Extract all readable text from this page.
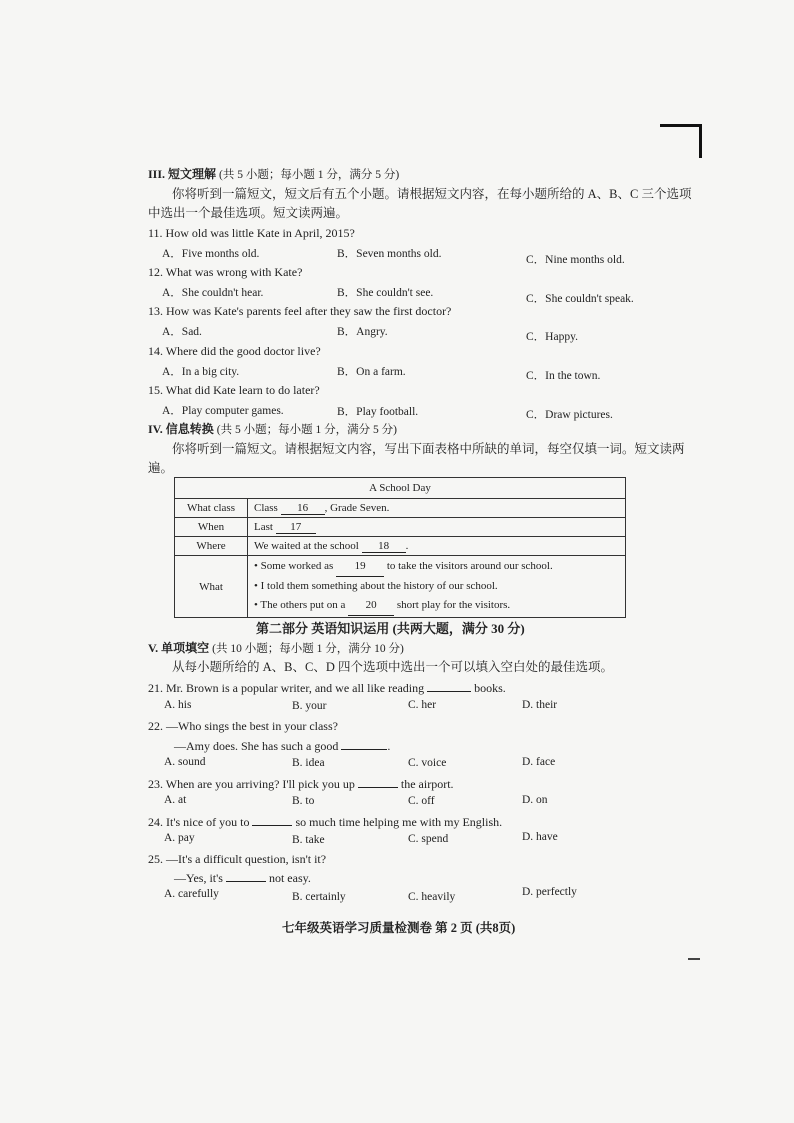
III. 短文理解 (共 5 小题；每小题 1 分，满分 5 分)
你将听到一篇短文，短文后有五个小题。请根据短文内容，在每小题所给的 A、B、C 三个选项
中选出一个最佳选项。短文读两遍。
11. How old was little Kate in April, 2015?
A．Five months old.	B．Seven months old.	C．Nine months old.
12. What was wrong with Kate?
A．She couldn't hear.	B．She couldn't see.	C．She couldn't speak.
13. How was Kate's parents feel after they saw the first doctor?
A．Sad.	B．Angry.	C．Happy.
14. Where did the good doctor live?
A．In a big city.	B．On a farm.	C．In the town.
15. What did Kate learn to do later?
A．Play computer games.	B．Play football.	C．Draw pictures.
IV. 信息转换 (共 5 小题；每小题 1 分，满分 5 分)
你将听到一篇短文。请根据短文内容，写出下面表格中所缺的单词，每空仅填一词。短文读两
遍。
A School Day	
What class	Class 16 , Grade Seven.
When	Last 17
Where	We waited at the school 18 .
What	• Some worked as 19 to take the visitors around our school.
• I told them something about the history of our school.
• The others put on a 20 short play for the visitors.
第二部分 英语知识运用 (共两大题，满分 30 分)
V. 单项填空 (共 10 小题；每小题 1 分，满分 10 分)
从每小题所给的 A、B、C、D 四个选项中选出一个可以填入空白处的最佳选项。
21. Mr. Brown is a popular writer, and we all like reading	books.
A. his	B. your	C. her	D. their
22. —Who sings the best in your class?
—Amy does. She has such a good	.
A. sound	B. idea	C. voice	D. face
23. When are you arriving? I'll pick you up	the airport.
A. at	B. to	C. off	D. on
24. It's nice of you to	so much time helping me with my English.
A. pay	B. take	C. spend	D. have
25. —It's a difficult question, isn't it?
—Yes, it's	not easy.
A. carefully	B. certainly	C. heavily	D. perfectly
七年级英语学习质量检测卷 第 2 页 (共8页)
